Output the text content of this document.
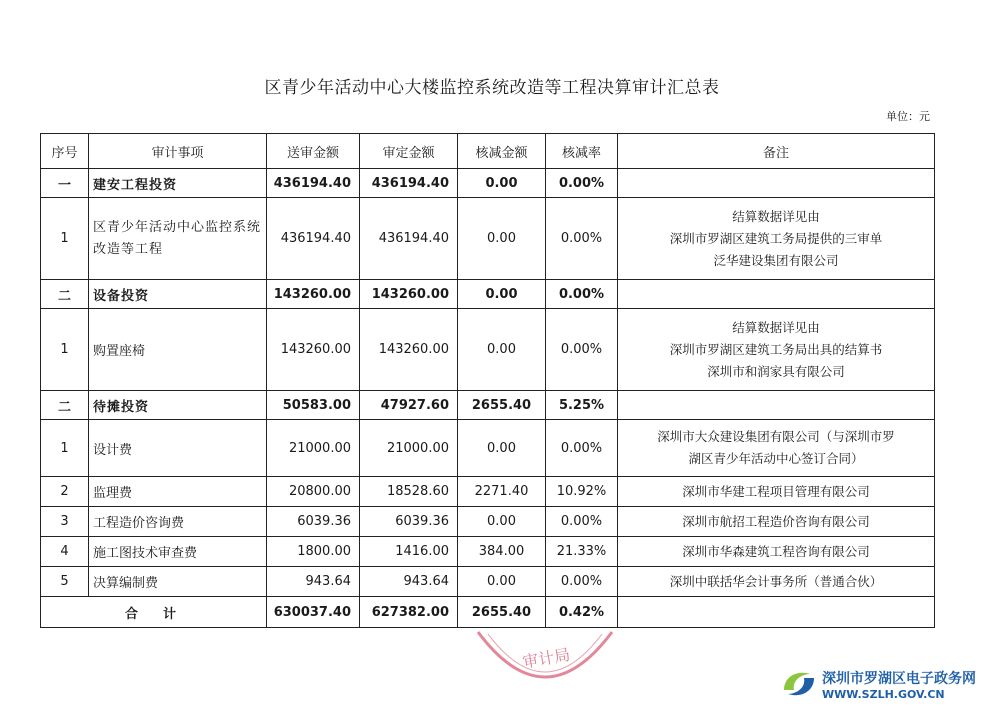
区青少年活动中心大楼监控系统改造等工程决算审计汇总表
单位：元
序号	审计事项	送审金额	审定金额	核减金额	核减率	备注
一	建安工程投资	436194.40	436194.40	0.00	0.00%	
1	区青少年活动中心监控系统改造等工程	436194.40	436194.40	0.00	0.00%	结算数据详见由
深圳市罗湖区建筑工务局提供的三审单
泛华建设集团有限公司

二	设备投资	143260.00	143260.00	0.00	0.00%	
1	购置座椅	143260.00	143260.00	0.00	0.00%	结算数据详见由
深圳市罗湖区建筑工务局出具的结算书
深圳市和润家具有限公司

二	待摊投资	50583.00	47927.60	2655.40	5.25%	
1	设计费	21000.00	21000.00	0.00	0.00%	深圳市大众建设集团有限公司（与深圳市罗
湖区青少年活动中心签订合同）

2	监理费	20800.00	18528.60	2271.40	10.92%	深圳市华建工程项目管理有限公司
3	工程造价咨询费	6039.36	6039.36	0.00	0.00%	深圳市航招工程造价咨询有限公司
4	施工图技术审查费	1800.00	1416.00	384.00	21.33%	深圳市华森建筑工程咨询有限公司
5	决算编制费	943.64	943.64	0.00	0.00%	深圳中联括华会计事务所（普通合伙）
合　计		630037.40	627382.00	2655.40	0.42%	
审计局
深圳市罗湖区电子政务网
WWW.SZLH.GOV.CN
